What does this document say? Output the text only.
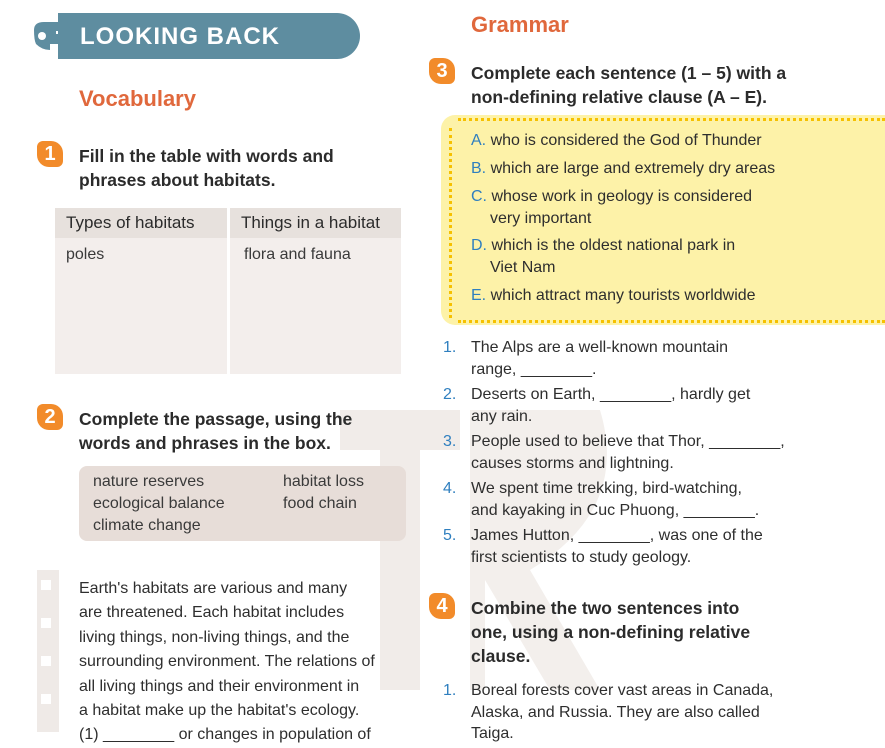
LOOKING BACK
Vocabulary
1	Fill in the table with words and
phrases about habitats.
Types of habitats	Things in a habitat
poles	flora and fauna
2	Complete the passage, using the
words and phrases in the box.
nature reserves	habitat loss
ecological balance	food chain
climate change
Earth's habitats are various and many
are threatened. Each habitat includes
living things, non-living things, and the
surrounding environment. The relations of
all living things and their environment in
a habitat make up the habitat's ecology.
(1) ________ or changes in population of
Grammar
3	Complete each sentence (1 – 5) with a
non-defining relative clause (A – E).
A. who is considered the God of Thunder
B. which are large and extremely dry areas
C. whose work in geology is considered
very important
D. which is the oldest national park in
Viet Nam
E. which attract many tourists worldwide
1. The Alps are a well-known mountain
range, ________.
2. Deserts on Earth, ________, hardly get
any rain.
3. People used to believe that Thor, ________,
causes storms and lightning.
4. We spent time trekking, bird-watching,
and kayaking in Cuc Phuong, ________.
5. James Hutton, ________, was one of the
first scientists to study geology.
4	Combine the two sentences into
one, using a non-defining relative
clause.
1. Boreal forests cover vast areas in Canada,
Alaska, and Russia. They are also called
Taiga.
